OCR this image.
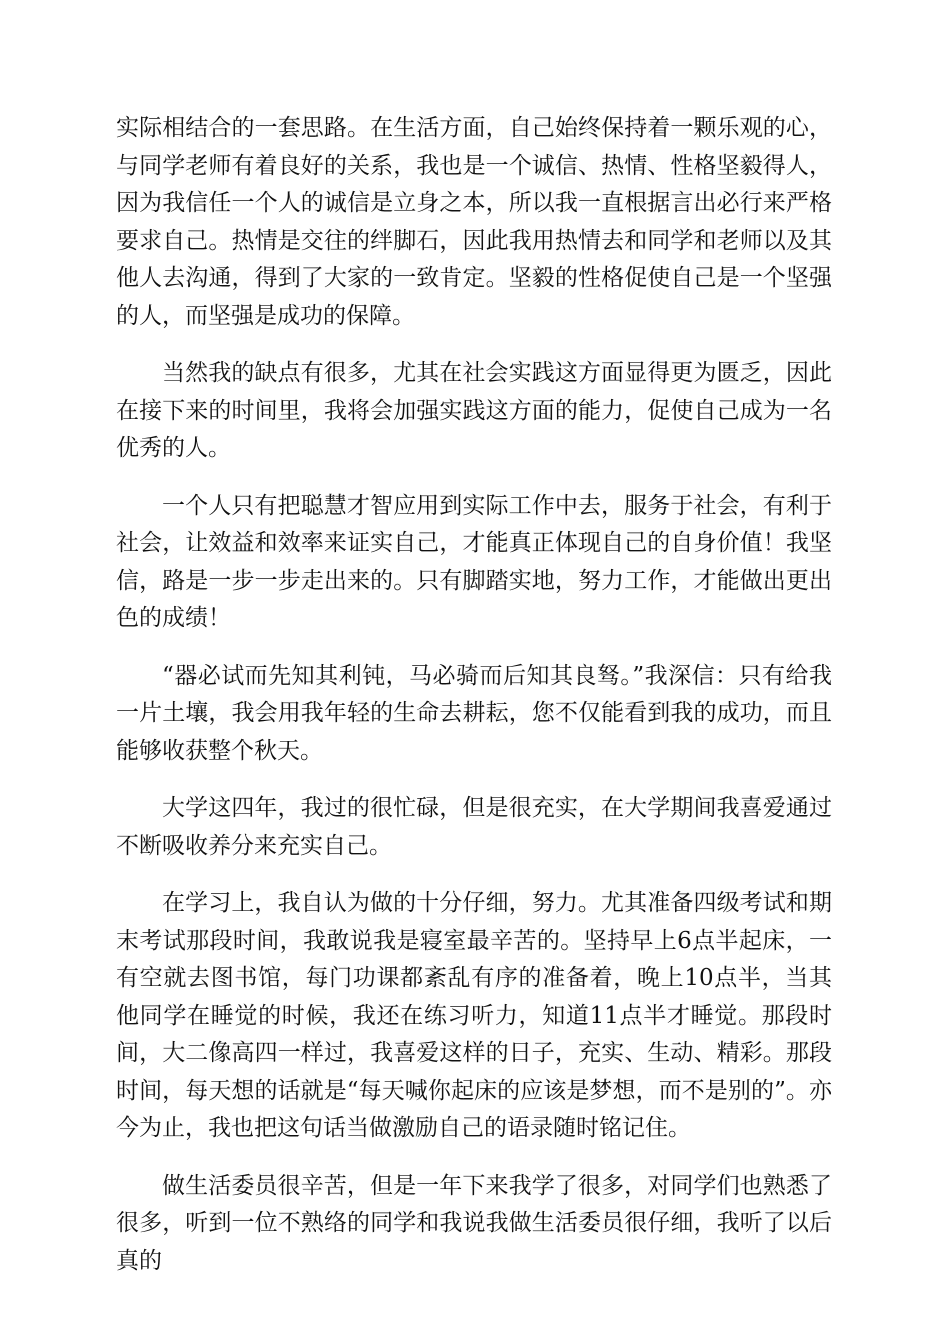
实际相结合的一套思路。在生活方面，自己始终保持着一颗乐观的心，与同学老师有着良好的关系，我也是一个诚信、热情、性格坚毅得人，因为我信任一个人的诚信是立身之本，所以我一直根据言出必行来严格要求自己。热情是交往的绊脚石，因此我用热情去和同学和老师以及其他人去沟通，得到了大家的一致肯定。坚毅的性格促使自己是一个坚强的人，而坚强是成功的保障。

当然我的缺点有很多，尤其在社会实践这方面显得更为匮乏，因此在接下来的时间里，我将会加强实践这方面的能力，促使自己成为一名优秀的人。

一个人只有把聪慧才智应用到实际工作中去，服务于社会，有利于社会，让效益和效率来证实自己，才能真正体现自己的自身价值！我坚信，路是一步一步走出来的。只有脚踏实地，努力工作，才能做出更出色的成绩！

“器必试而先知其利钝，马必骑而后知其良驽。”我深信：只有给我一片土壤，我会用我年轻的生命去耕耘，您不仅能看到我的成功，而且能够收获整个秋天。

大学这四年，我过的很忙碌，但是很充实，在大学期间我喜爱通过不断吸收养分来充实自己。

在学习上，我自认为做的十分仔细，努力。尤其准备四级考试和期末考试那段时间，我敢说我是寝室最辛苦的。坚持早上6点半起床，一有空就去图书馆，每门功课都紊乱有序的准备着，晚上10点半，当其他同学在睡觉的时候，我还在练习听力，知道11点半才睡觉。那段时间，大二像高四一样过，我喜爱这样的日子，充实、生动、精彩。那段时间，每天想的话就是“每天喊你起床的应该是梦想，而不是别的”。亦今为止，我也把这句话当做激励自己的语录随时铭记住。

做生活委员很辛苦，但是一年下来我学了很多，对同学们也熟悉了很多，听到一位不熟络的同学和我说我做生活委员很仔细，我听了以后真的
